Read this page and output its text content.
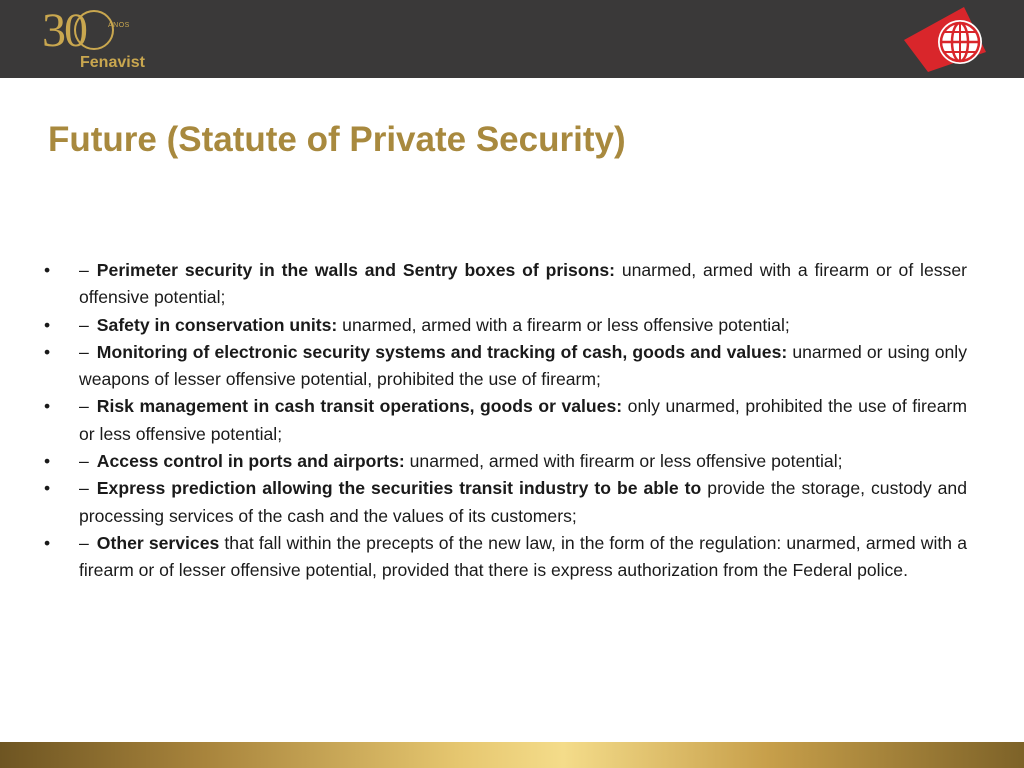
30	ANOS
Fenavist
Future (Statute of Private Security)
•	– Perimeter security in the walls and Sentry boxes of prisons: unarmed, armed with a firearm or of lesser offensive potential;
•	– Safety in conservation units: unarmed, armed with a firearm or less offensive potential;
•	– Monitoring of electronic security systems and tracking of cash, goods and values: unarmed or using only weapons of lesser offensive potential, prohibited the use of firearm;
•	– Risk management in cash transit operations, goods or values: only unarmed, prohibited the use of firearm or less offensive potential;
•	– Access control in ports and airports: unarmed, armed with firearm or less offensive potential;
•	– Express prediction allowing the securities transit industry to be able to provide the storage, custody and processing services of the cash and the values of its customers;
•	– Other services that fall within the precepts of the new law, in the form of the regulation: unarmed, armed with a firearm or of lesser offensive potential, provided that there is express authorization from the Federal police.
